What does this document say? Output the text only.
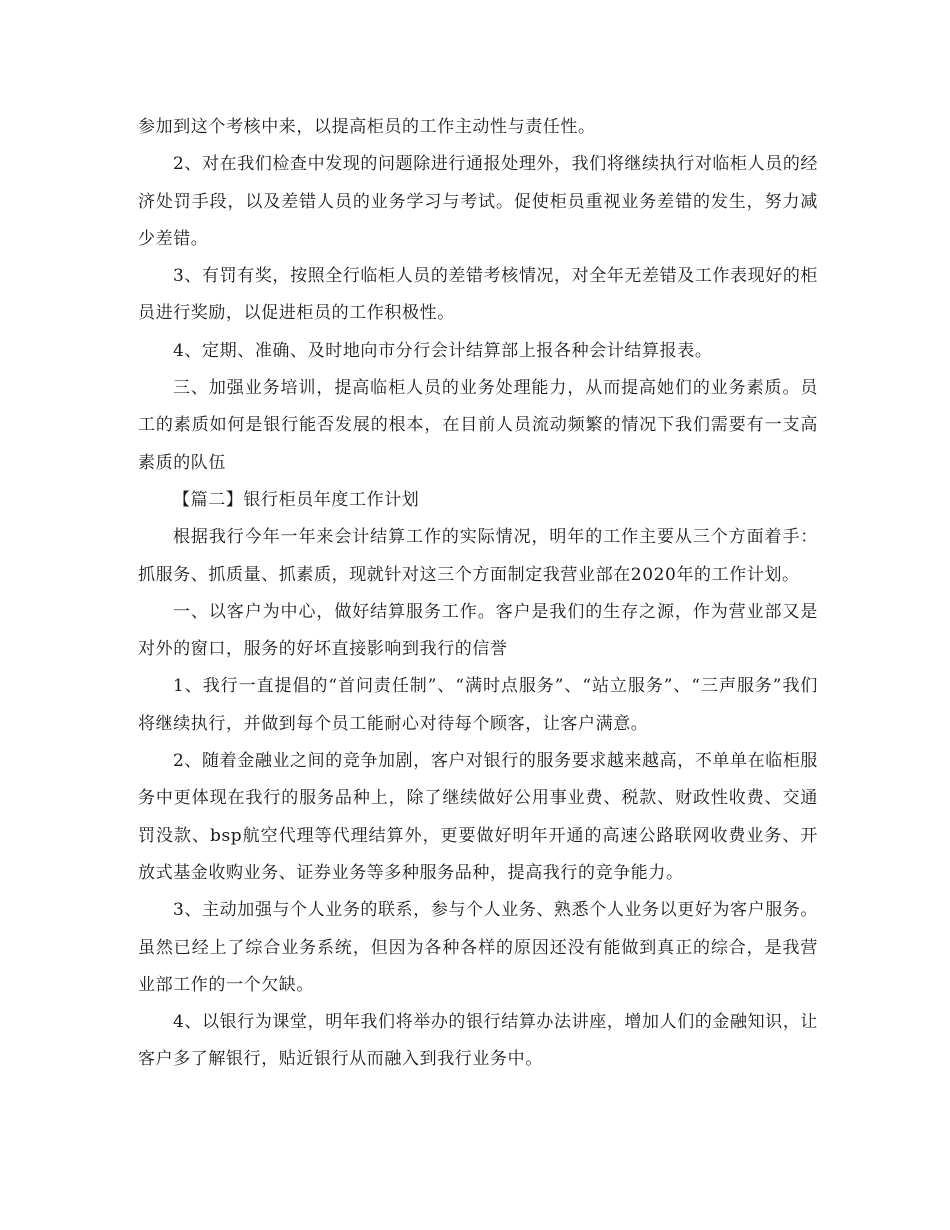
参加到这个考核中来，以提高柜员的工作主动性与责任性。

2、对在我们检查中发现的问题除进行通报处理外，我们将继续执行对临柜人员的经济处罚手段，以及差错人员的业务学习与考试。促使柜员重视业务差错的发生，努力减少差错。

3、有罚有奖，按照全行临柜人员的差错考核情况，对全年无差错及工作表现好的柜员进行奖励，以促进柜员的工作积极性。

4、定期、准确、及时地向市分行会计结算部上报各种会计结算报表。

三、加强业务培训，提高临柜人员的业务处理能力，从而提高她们的业务素质。员工的素质如何是银行能否发展的根本，在目前人员流动频繁的情况下我们需要有一支高素质的队伍

【篇二】银行柜员年度工作计划

根据我行今年一年来会计结算工作的实际情况，明年的工作主要从三个方面着手：抓服务、抓质量、抓素质，现就针对这三个方面制定我营业部在2020年的工作计划。

一、以客户为中心，做好结算服务工作。客户是我们的生存之源，作为营业部又是对外的窗口，服务的好坏直接影响到我行的信誉

1、我行一直提倡的“首问责任制”、“满时点服务”、“站立服务”、“三声服务”我们将继续执行，并做到每个员工能耐心对待每个顾客，让客户满意。

2、随着金融业之间的竞争加剧，客户对银行的服务要求越来越高，不单单在临柜服务中更体现在我行的服务品种上，除了继续做好公用事业费、税款、财政性收费、交通罚没款、bsp航空代理等代理结算外，更要做好明年开通的高速公路联网收费业务、开放式基金收购业务、证券业务等多种服务品种，提高我行的竞争能力。

3、主动加强与个人业务的联系，参与个人业务、熟悉个人业务以更好为客户服务。虽然已经上了综合业务系统，但因为各种各样的原因还没有能做到真正的综合，是我营业部工作的一个欠缺。

4、以银行为课堂，明年我们将举办的银行结算办法讲座，增加人们的金融知识，让客户多了解银行，贴近银行从而融入到我行业务中。
